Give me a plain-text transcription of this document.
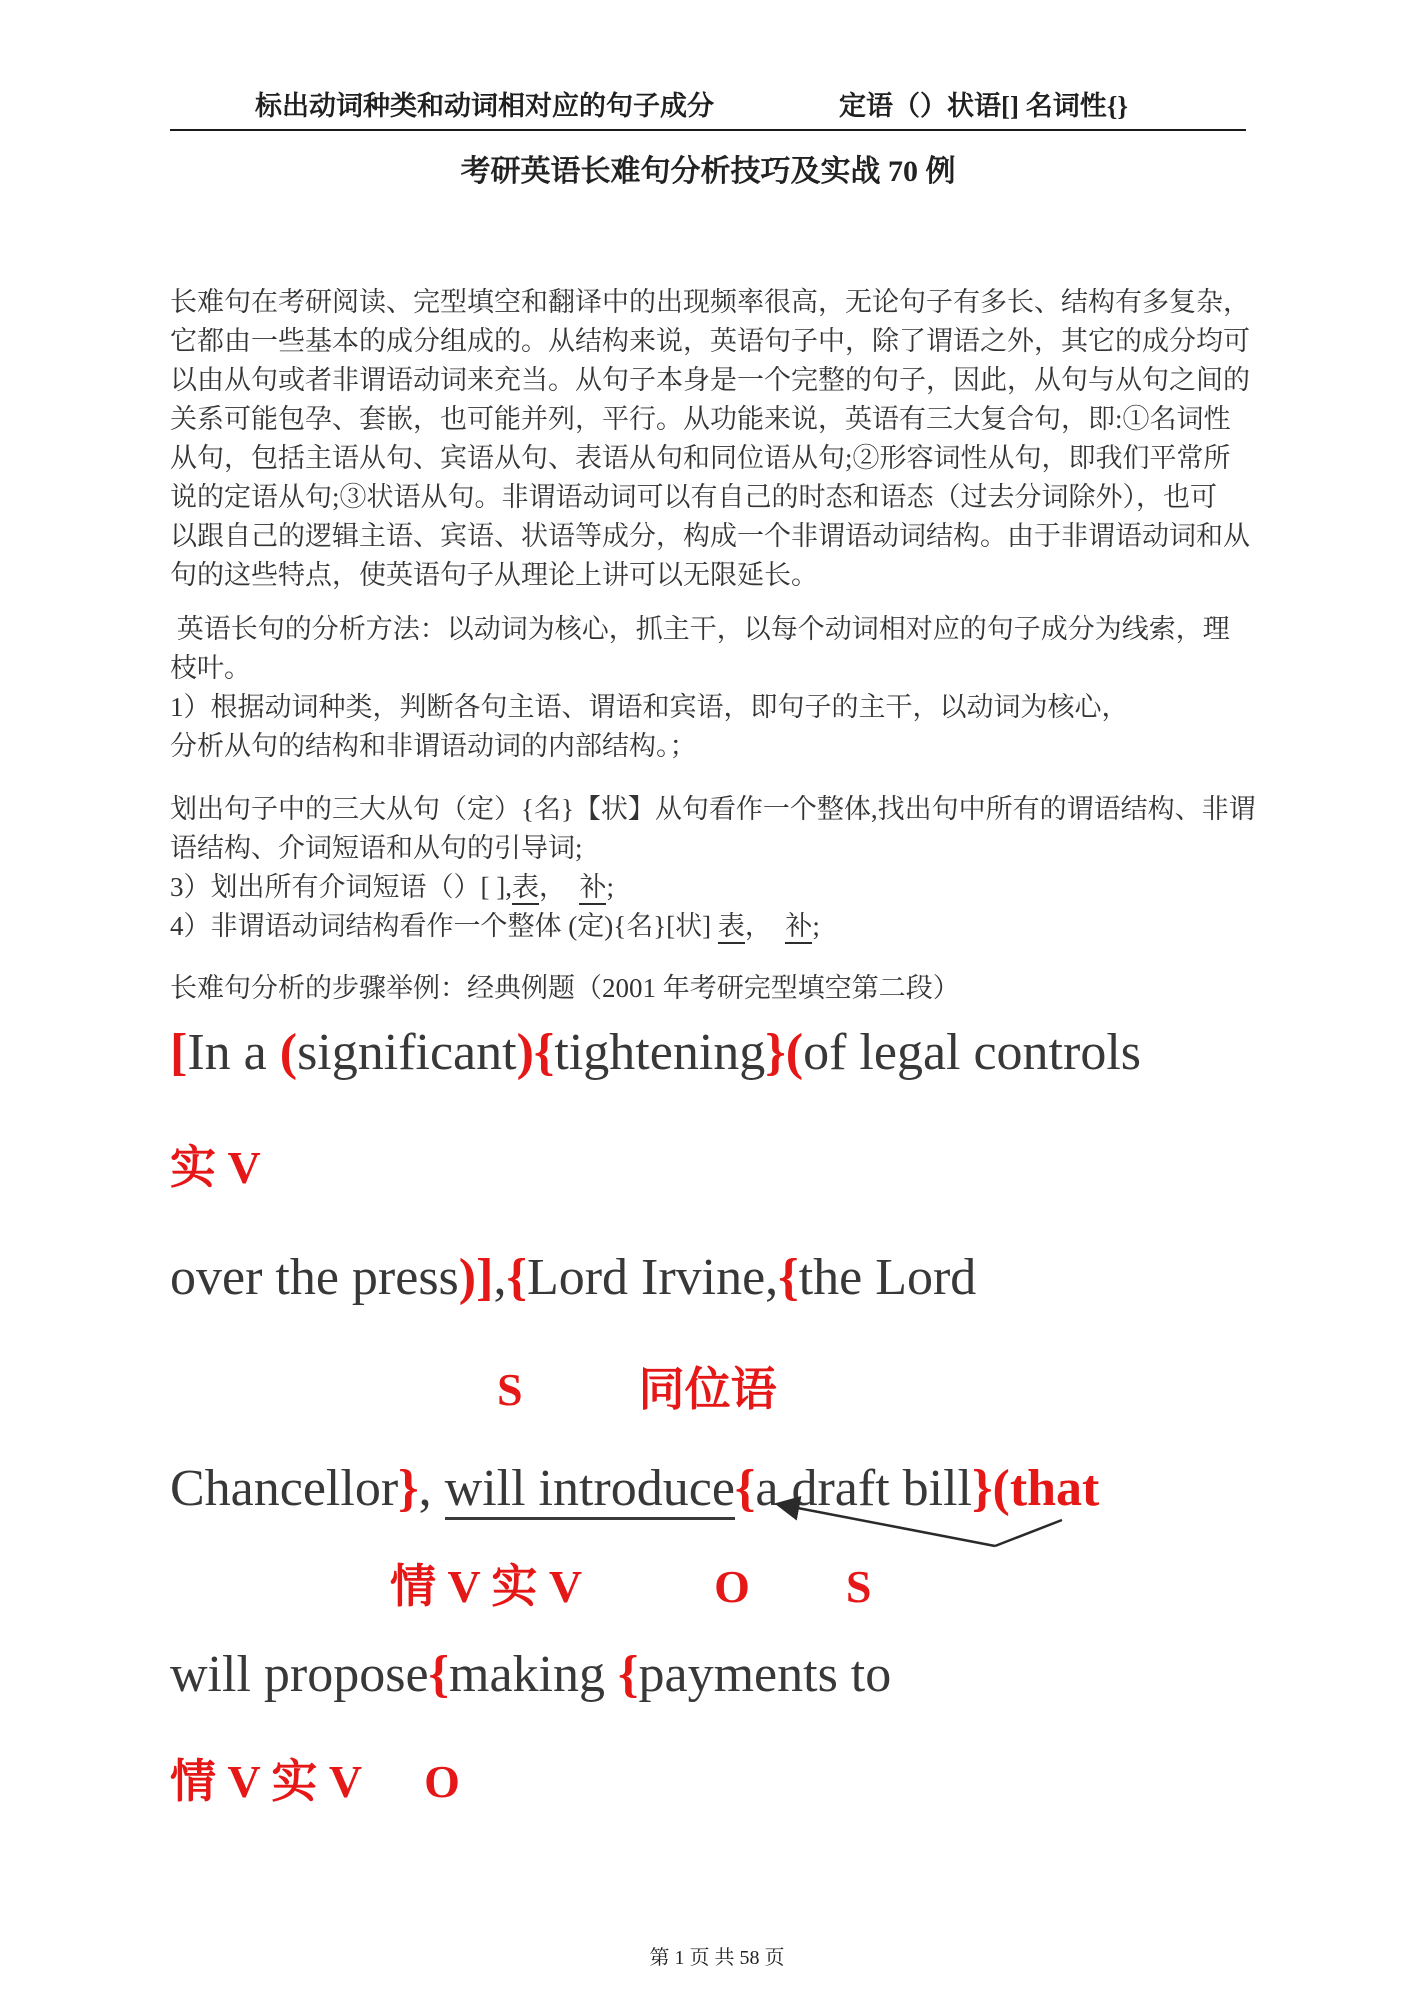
标出动词种类和动词相对应的句子成分	定语（）状语[] 名词性{}
考研英语长难句分析技巧及实战 70 例
长难句在考研阅读、完型填空和翻译中的出现频率很高，无论句子有多长、结构有多复杂，
它都由一些基本的成分组成的。从结构来说，英语句子中，除了谓语之外，其它的成分均可
以由从句或者非谓语动词来充当。从句子本身是一个完整的句子，因此，从句与从句之间的
关系可能包孕、套嵌，也可能并列，平行。从功能来说，英语有三大复合句，即:①名词性
从句，包括主语从句、宾语从句、表语从句和同位语从句;②形容词性从句，即我们平常所
说的定语从句;③状语从句。非谓语动词可以有自己的时态和语态（过去分词除外），也可
以跟自己的逻辑主语、宾语、状语等成分，构成一个非谓语动词结构。由于非谓语动词和从
句的这些特点，使英语句子从理论上讲可以无限延长。
英语长句的分析方法：以动词为核心，抓主干，以每个动词相对应的句子成分为线索，理
枝叶。
1）根据动词种类，判断各句主语、谓语和宾语，即句子的主干，以动词为核心，
分析从句的结构和非谓语动词的内部结构。；
划出句子中的三大从句（定）{名}【状】从句看作一个整体,找出句中所有的谓语结构、非谓
语结构、介词短语和从句的引导词;
3）划出所有介词短语（）[ ],表，  补;
4）非谓语动词结构看作一个整体 (定){名}[状] 表，  补;
长难句分析的步骤举例：经典例题（2001 年考研完型填空第二段）
[In a (significant){tightening}(of legal controls
实 V
over the press)],{Lord Irvine,{the Lord
S	同位语
Chancellor}, will introduce{a draft bill}(that
情 V 实 V	O S
will propose{making {payments to
情 V 实 V O

第 1 页 共 58 页
